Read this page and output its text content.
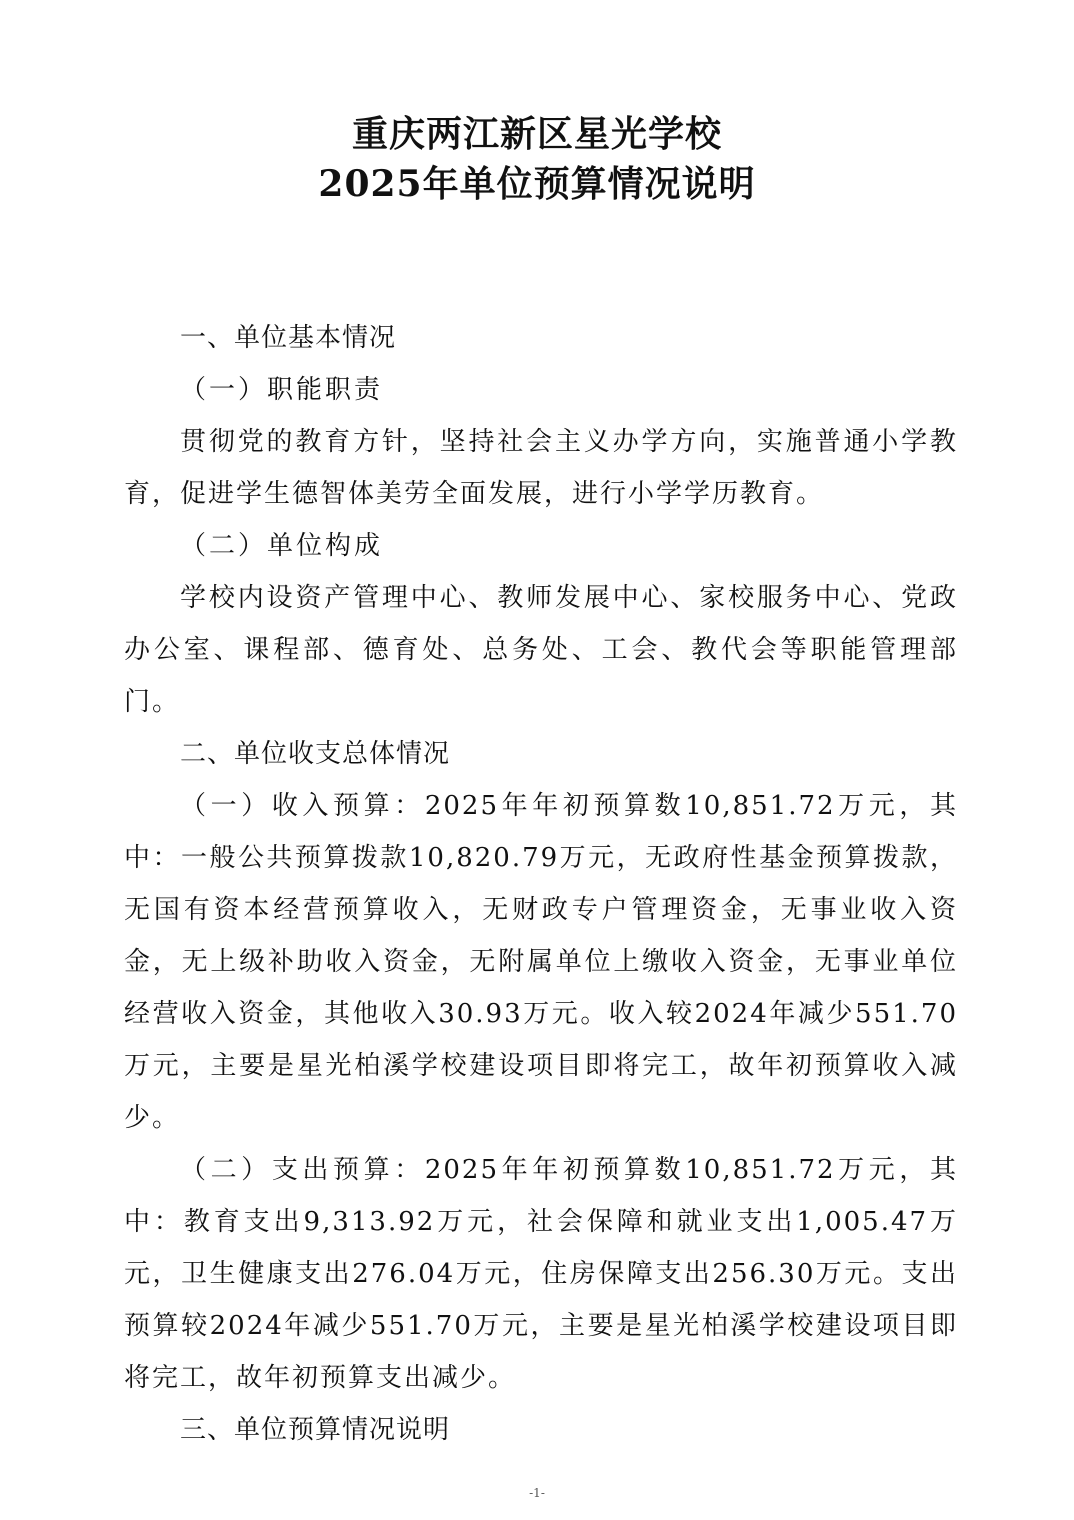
重庆两江新区星光学校
2025年单位预算情况说明
一、单位基本情况
（一）职能职责

贯彻党的教育方针，坚持社会主义办学方向，实施普通小学教育，促进学生德智体美劳全面发展，进行小学学历教育。

（二）单位构成

学校内设资产管理中心、教师发展中心、家校服务中心、党政办公室、课程部、德育处、总务处、工会、教代会等职能管理部门。

二、单位收支总体情况

（一）收入预算：2025年年初预算数10,851.72万元，其中：一般公共预算拨款10,820.79万元，无政府性基金预算拨款，无国有资本经营预算收入，无财政专户管理资金，无事业收入资金，无上级补助收入资金，无附属单位上缴收入资金，无事业单位经营收入资金，其他收入30.93万元。收入较2024年减少551.70万元，主要是星光柏溪学校建设项目即将完工，故年初预算收入减少。

（二）支出预算：2025年年初预算数10,851.72万元，其中：教育支出9,313.92万元，社会保障和就业支出1,005.47万元，卫生健康支出276.04万元，住房保障支出256.30万元。支出预算较2024年减少551.70万元，主要是星光柏溪学校建设项目即将完工，故年初预算支出减少。

三、单位预算情况说明
-1-
